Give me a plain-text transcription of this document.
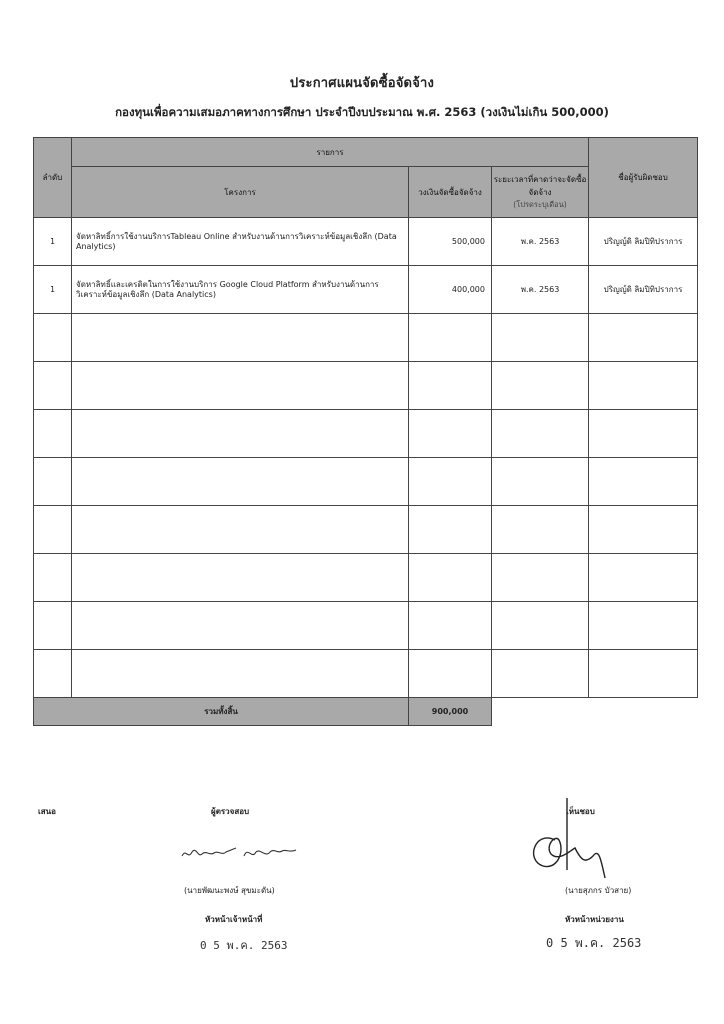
ประกาศแผนจัดซื้อจัดจ้าง
กองทุนเพื่อความเสมอภาคทางการศึกษา ประจำปีงบประมาณ พ.ศ. 2563 (วงเงินไม่เกิน 500,000)
ลำดับ	รายการ			ชื่อผู้รับผิดชอบ
	โครงการ	วงเงินจัดซื้อจัดจ้าง	ระยะเวลาที่คาดว่าจะจัดซื้อจัดจ้าง
(โปรดระบุเดือน)	

1	จัดหาลิทธิ์การใช้งานบริการTableau Online สำหรับงานด้านการวิเคราะห์ข้อมูลเชิงลึก (Data Analytics)	500,000	พ.ค. 2563	ปริญญ์ดิ ลิมปิทิปราการ
1	จัดหาลิทธิ์และเครดิตในการใช้งานบริการ Google Cloud Platform สำหรับงานด้านการวิเคราะห์ข้อมูลเชิงลึก (Data Analytics)	400,000	พ.ค. 2563	ปริญญ์ดิ ลิมปิทิปราการ

รวมทั้งสิ้น		900,000		
เสนอ	ผู้ตรวจสอบ	เห็นชอบ
(นายพัฒนะพงษ์ สุขมะดัน)
หัวหน้าเจ้าหน้าที่
0 5 พ.ค. 2563
(นายสุภกร บัวสาย)
หัวหน้าหน่วยงาน
0 5 พ.ค. 2563
